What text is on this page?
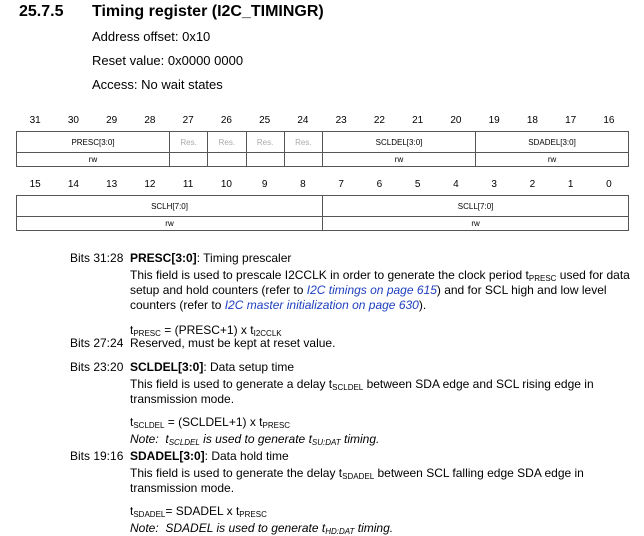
25.7.5 Timing register (I2C_TIMINGR)
Address offset: 0x10
Reset value: 0x0000 0000
Access: No wait states
31	30	29	28	27	26	25	24	23	22	21	20	19	18	17	16
PRESC[3:0]	Res.	Res.	Res.	Res.	SCLDEL[3:0]	SDADEL[3:0]
rw					rw	rw
15	14	13	12	11	10	9	8	7	6	5	4	3	2	1	0
SCLH[7:0]	SCLL[7:0]
rw	rw
Bits 31:28 PRESC[3:0]: Timing prescaler
This field is used to prescale I2CCLK in order to generate the clock period $t_{PRESC}$ used for data setup and hold counters (refer to I2C timings on page 615) and for SCL high and low level counters (refer to I2C master initialization on page 630).
$t_{PRESC}$ = (PRESC+1) x $t_{I2CCLK}$
Bits 27:24 Reserved, must be kept at reset value.
Bits 23:20 SCLDEL[3:0]: Data setup time
This field is used to generate a delay $t_{SCLDEL}$ between SDA edge and SCL rising edge in transmission mode.
$t_{SCLDEL}$ = (SCLDEL+1) x $t_{PRESC}$
Note: $t_{SCLDEL}$ is used to generate $t_{SU:DAT}$ timing.
Bits 19:16 SDADEL[3:0]: Data hold time
This field is used to generate the delay $t_{SDADEL}$ between SCL falling edge SDA edge in transmission mode.
$t_{SDADEL}=$ SDADEL x $t_{PRESC}$
Note: SDADEL is used to generate $t_{HD:DAT}$ timing.
